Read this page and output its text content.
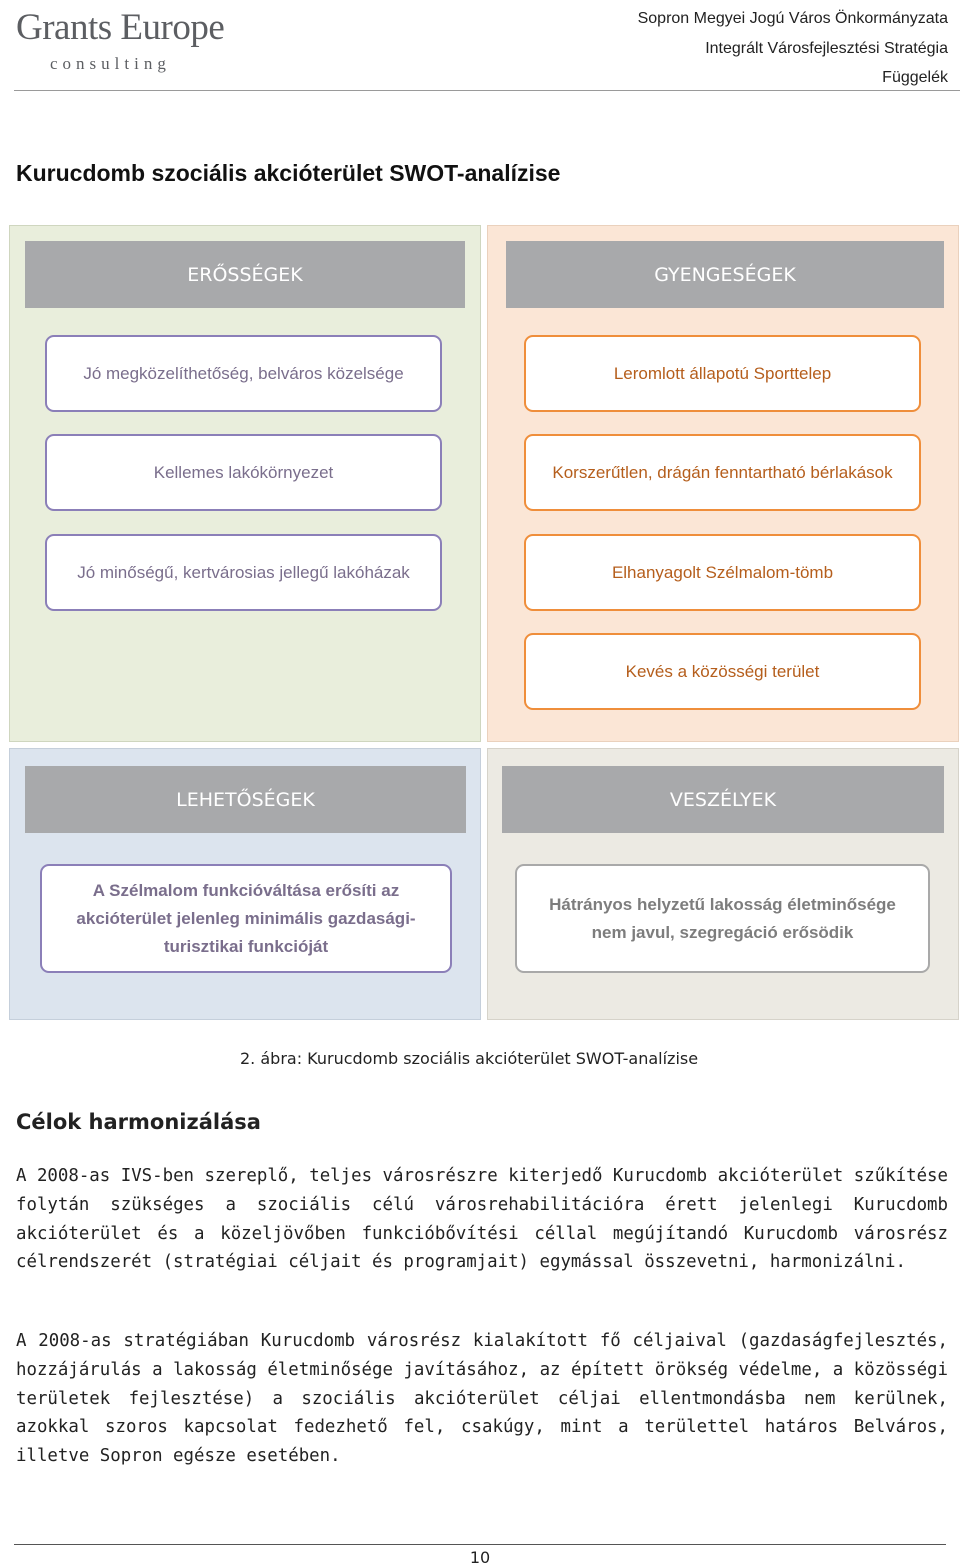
Grants Europe
consulting
Sopron Megyei Jogú Város Önkormányzata
Integrált Városfejlesztési Stratégia
Függelék
Kurucdomb szociális akcióterület SWOT-analízise
ERŐSSÉGEK
Jó megközelíthetőség, belváros közelsége
Kellemes lakókörnyezet
Jó minőségű, kertvárosias jellegű lakóházak
GYENGESÉGEK
Leromlott állapotú Sporttelep
Korszerűtlen, drágán fenntartható bérlakások
Elhanyagolt Szélmalom-tömb
Kevés a közösségi terület
LEHETŐSÉGEK
A Szélmalom funkcióváltása erősíti az akcióterület jelenleg minimális gazdasági-turisztikai funkcióját
VESZÉLYEK
Hátrányos helyzetű lakosság életminősége nem javul, szegregáció erősödik
2. ábra: Kurucdomb szociális akcióterület SWOT-analízise
Célok harmonizálása

A 2008-as IVS-ben szereplő, teljes városrészre kiterjedő Kurucdomb akcióterület szűkítése folytán szükséges a szociális célú városrehabilitációra érett jelenlegi Kurucdomb akcióterület és a közeljövőben funkcióbővítési céllal megújítandó Kurucdomb városrész célrendszerét (stratégiai céljait és programjait) egymással összevetni, harmonizálni.

A 2008-as stratégiában Kurucdomb városrész kialakított fő céljaival (gazdaságfejlesztés, hozzájárulás a lakosság életminősége javításához, az épített örökség védelme, a közösségi területek fejlesztése) a szociális akcióterület céljai ellentmondásba nem kerülnek, azokkal szoros kapcsolat fedezhető fel, csakúgy, mint a területtel határos Belváros, illetve Sopron egésze esetében.

10
